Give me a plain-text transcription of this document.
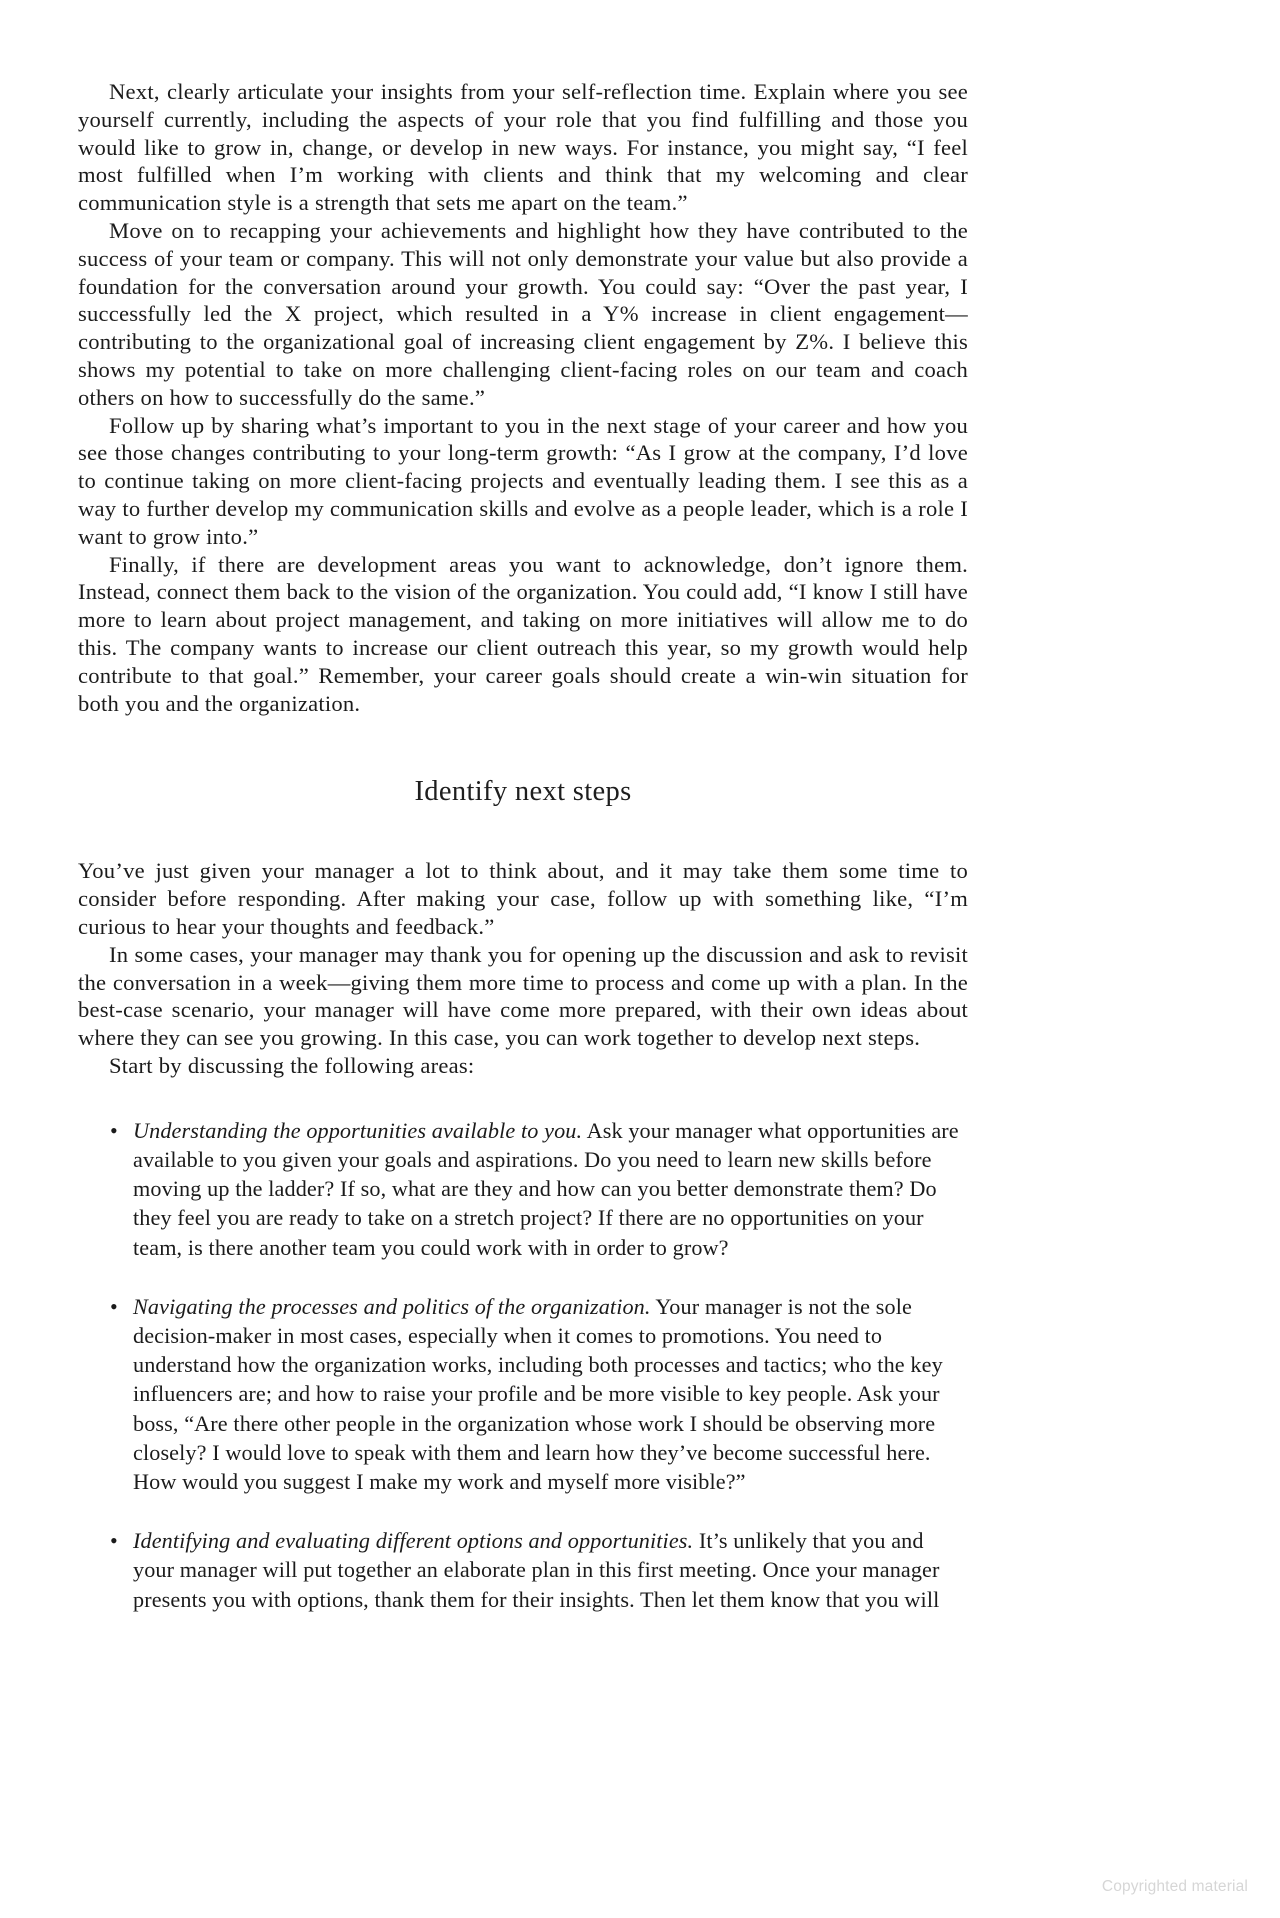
Next, clearly articulate your insights from your self-reflection time. Explain where you see yourself currently, including the aspects of your role that you find fulfilling and those you would like to grow in, change, or develop in new ways. For instance, you might say, “I feel most fulfilled when I’m working with clients and think that my welcoming and clear communication style is a strength that sets me apart on the team.”

Move on to recapping your achievements and highlight how they have contributed to the success of your team or company. This will not only demonstrate your value but also provide a foundation for the conversation around your growth. You could say: “Over the past year, I successfully led the X project, which resulted in a Y% increase in client engagement—contributing to the organizational goal of increasing client engagement by Z%. I believe this shows my potential to take on more challenging client-facing roles on our team and coach others on how to successfully do the same.”

Follow up by sharing what’s important to you in the next stage of your career and how you see those changes contributing to your long-term growth: “As I grow at the company, I’d love to continue taking on more client-facing projects and eventually leading them. I see this as a way to further develop my communication skills and evolve as a people leader, which is a role I want to grow into.”

Finally, if there are development areas you want to acknowledge, don’t ignore them. Instead, connect them back to the vision of the organization. You could add, “I know I still have more to learn about project management, and taking on more initiatives will allow me to do this. The company wants to increase our client outreach this year, so my growth would help contribute to that goal.” Remember, your career goals should create a win-win situation for both you and the organization.

Identify next steps

You’ve just given your manager a lot to think about, and it may take them some time to consider before responding. After making your case, follow up with something like, “I’m curious to hear your thoughts and feedback.”

In some cases, your manager may thank you for opening up the discussion and ask to revisit the conversation in a week—giving them more time to process and come up with a plan. In the best-case scenario, your manager will have come more prepared, with their own ideas about where they can see you growing. In this case, you can work together to develop next steps.

Start by discussing the following areas:

• Understanding the opportunities available to you. Ask your manager what opportunities are available to you given your goals and aspirations. Do you need to learn new skills before moving up the ladder? If so, what are they and how can you better demonstrate them? Do they feel you are ready to take on a stretch project? If there are no opportunities on your team, is there another team you could work with in order to grow?
• Navigating the processes and politics of the organization. Your manager is not the sole decision-maker in most cases, especially when it comes to promotions. You need to understand how the organization works, including both processes and tactics; who the key influencers are; and how to raise your profile and be more visible to key people. Ask your boss, “Are there other people in the organization whose work I should be observing more closely? I would love to speak with them and learn how they’ve become successful here. How would you suggest I make my work and myself more visible?”
• Identifying and evaluating different options and opportunities. It’s unlikely that you and your manager will put together an elaborate plan in this first meeting. Once your manager presents you with options, thank them for their insights. Then let them know that you will
Copyrighted material
